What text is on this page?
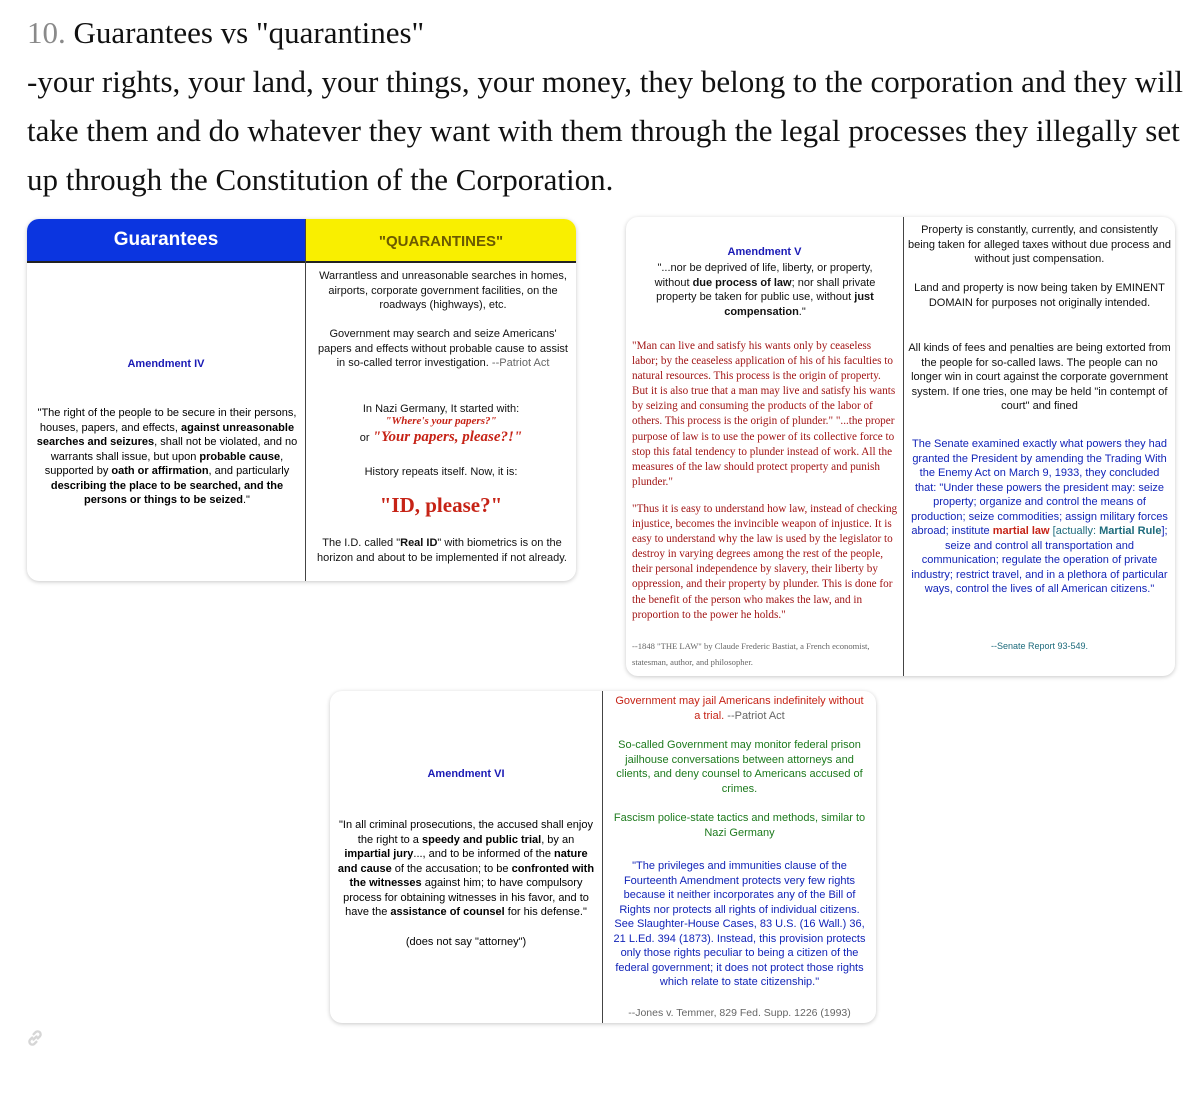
10. Guarantees vs "quarantines"
-your rights, your land, your things, your money, they belong to the corporation and they will take them and do whatever they want with them through the legal processes they illegally set up through the Constitution of the Corporation.
Guarantees	"QUARANTINES"

Amendment IV

"The right of the people to be secure in their persons, houses, papers, and effects, against unreasonable searches and seizures, shall not be violated, and no warrants shall issue, but upon probable cause, supported by oath or affirmation, and particularly describing the place to be searched, and the persons or things to be seized."

Warrantless and unreasonable searches in homes, airports, corporate government facilities, on the roadways (highways), etc.

Government may search and seize Americans' papers and effects without probable cause to assist in so-called terror investigation. --Patriot Act

In Nazi Germany, It started with:

"Where's your papers?"

or "Your papers, please?!"

History repeats itself. Now, it is:

"ID, please?"

The I.D. called "Real ID" with biometrics is on the horizon and about to be implemented if not already.

Amendment V

"...nor be deprived of life, liberty, or property, without due process of law; nor shall private property be taken for public use, without just compensation."

"Man can live and satisfy his wants only by ceaseless labor; by the ceaseless application of his of his faculties to natural resources. This process is the origin of property. But it is also true that a man may live and satisfy his wants by seizing and consuming the products of the labor of others. This process is the origin of plunder." "...the proper purpose of law is to use the power of its collective force to stop this fatal tendency to plunder instead of work. All the measures of the law should protect property and punish plunder."

"Thus it is easy to understand how law, instead of checking injustice, becomes the invincible weapon of injustice. It is easy to understand why the law is used by the legislator to destroy in varying degrees among the rest of the people, their personal independence by slavery, their liberty by oppression, and their property by plunder. This is done for the benefit of the person who makes the law, and in proportion to the power he holds."

--1848 "THE LAW" by Claude Frederic Bastiat, a French economist, statesman, author, and philosopher.

Property is constantly, currently, and consistently being taken for alleged taxes without due process and without just compensation.

Land and property is now being taken by EMINENT DOMAIN for purposes not originally intended.

All kinds of fees and penalties are being extorted from the people for so-called laws. The people can no longer win in court against the corporate government system. If one tries, one may be held "in contempt of court" and fined

The Senate examined exactly what powers they had granted the President by amending the Trading With the Enemy Act on March 9, 1933, they concluded that: "Under these powers the president may: seize property; organize and control the means of production; seize commodities; assign military forces abroad; institute martial law [actually: Martial Rule]; seize and control all transportation and communication; regulate the operation of private industry; restrict travel, and in a plethora of particular ways, control the lives of all American citizens."

--Senate Report 93-549.

Amendment VI

"In all criminal prosecutions, the accused shall enjoy the right to a speedy and public trial, by an impartial jury..., and to be informed of the nature and cause of the accusation; to be confronted with the witnesses against him; to have compulsory process for obtaining witnesses in his favor, and to have the assistance of counsel for his defense."

(does not say "attorney")

Government may jail Americans indefinitely without a trial. --Patriot Act

So-called Government may monitor federal prison jailhouse conversations between attorneys and clients, and deny counsel to Americans accused of crimes.

Fascism police-state tactics and methods, similar to Nazi Germany

"The privileges and immunities clause of the Fourteenth Amendment protects very few rights because it neither incorporates any of the Bill of Rights nor protects all rights of individual citizens. See Slaughter-House Cases, 83 U.S. (16 Wall.) 36, 21 L.Ed. 394 (1873). Instead, this provision protects only those rights peculiar to being a citizen of the federal government; it does not protect those rights which relate to state citizenship."

--Jones v. Temmer, 829 Fed. Supp. 1226 (1993)
